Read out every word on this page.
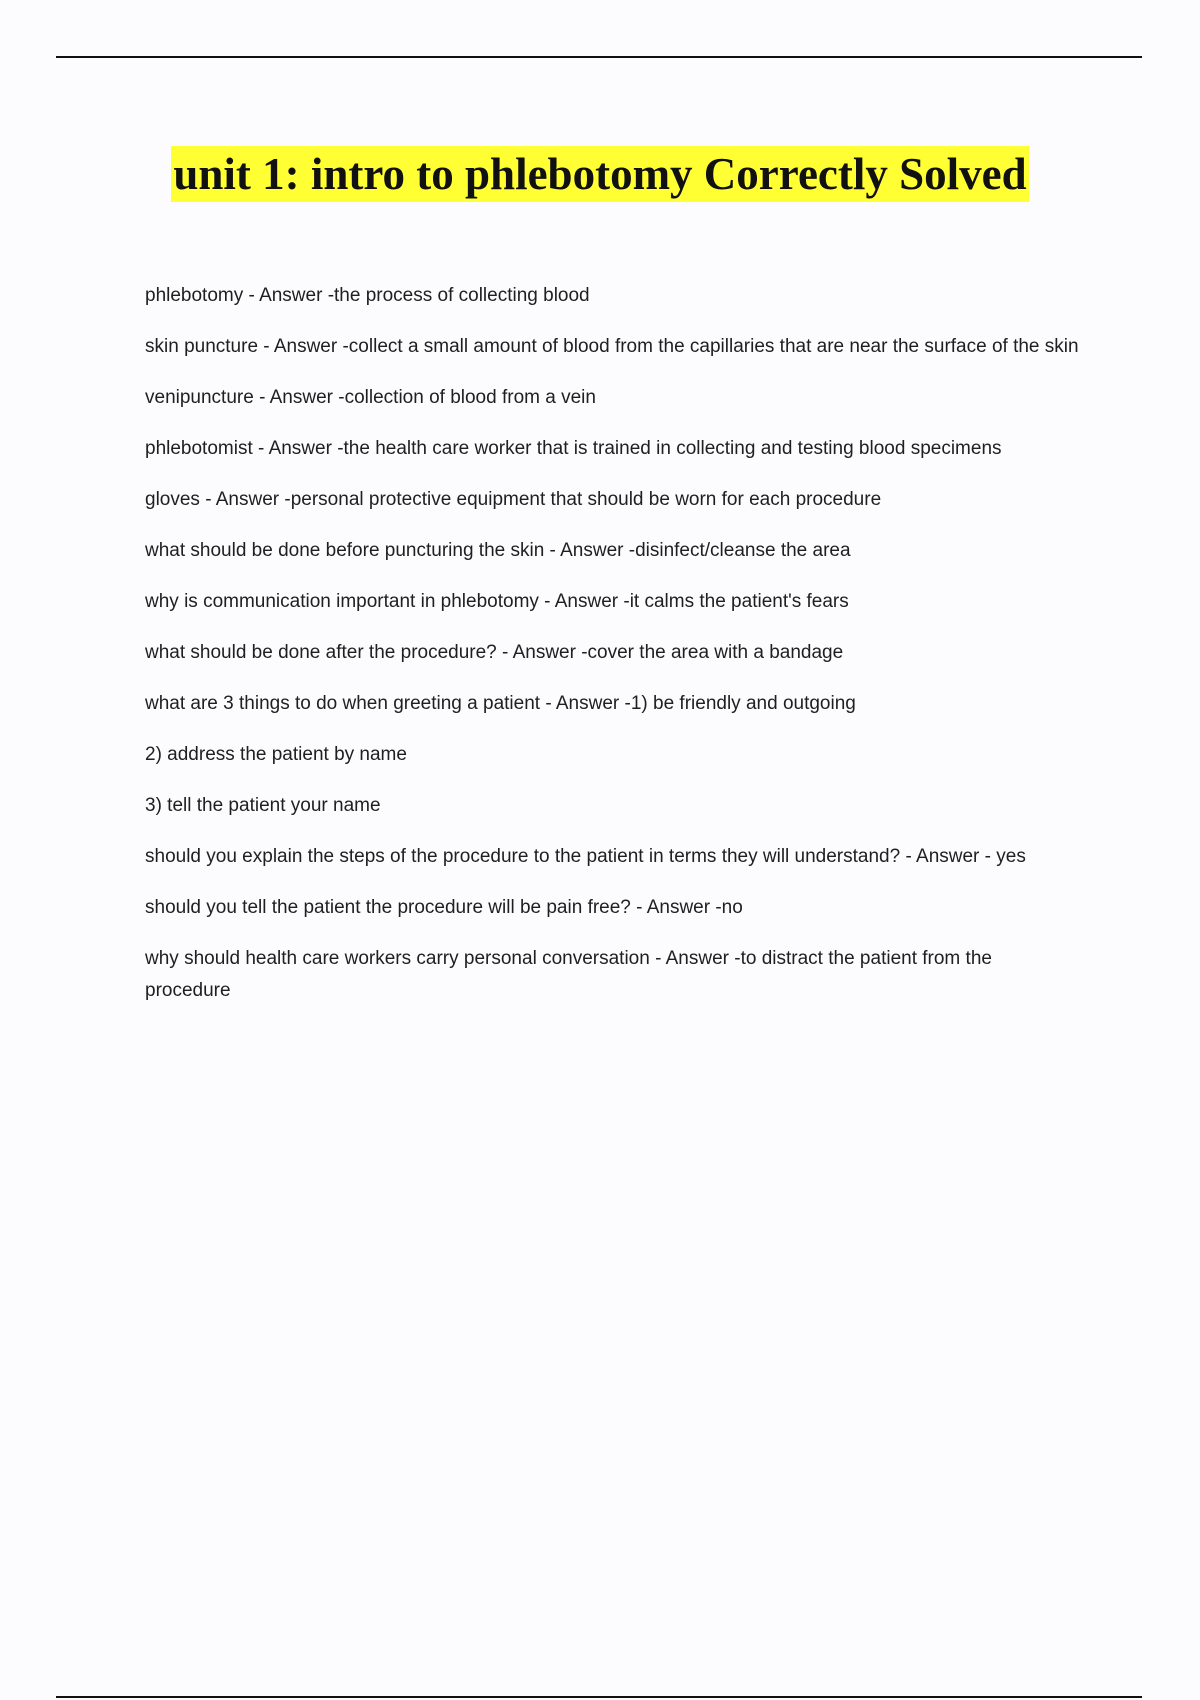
unit 1: intro to phlebotomy Correctly Solved
phlebotomy - Answer -the process of collecting blood
skin puncture - Answer -collect a small amount of blood from the capillaries that are near the surface of the skin
venipuncture - Answer -collection of blood from a vein
phlebotomist - Answer -the health care worker that is trained in collecting and testing blood specimens
gloves - Answer -personal protective equipment that should be worn for each procedure
what should be done before puncturing the skin - Answer -disinfect/cleanse the area
why is communication important in phlebotomy - Answer -it calms the patient's fears
what should be done after the procedure? - Answer -cover the area with a bandage
what are 3 things to do when greeting a patient - Answer -1) be friendly and outgoing
2) address the patient by name
3) tell the patient your name
should you explain the steps of the procedure to the patient in terms they will understand? - Answer - yes
should you tell the patient the procedure will be pain free? - Answer -no
why should health care workers carry personal conversation - Answer -to distract the patient from the procedure
